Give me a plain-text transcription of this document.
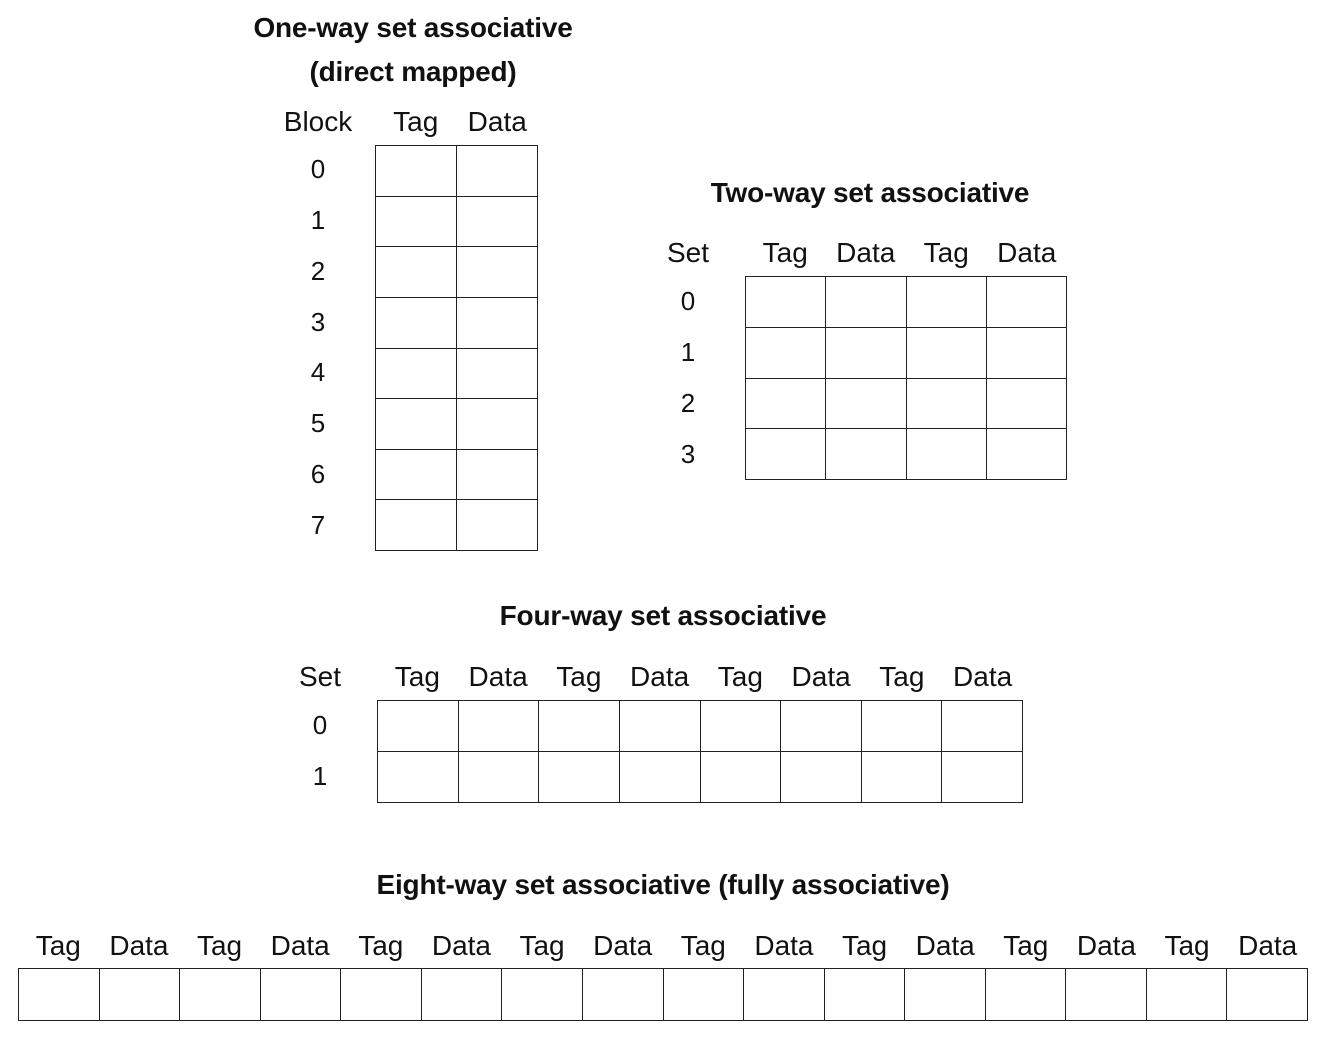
One-way set associative
(direct mapped)
Block Tag Data
0
1
2
3
4
5
6
7
Two-way set associative
Set Tag Data Tag Data
0
1
2
3
Four-way set associative
Set Tag Data Tag Data Tag Data Tag Data
0
1
Eight-way set associative (fully associative)
Tag Data Tag Data Tag Data Tag Data Tag Data Tag Data Tag Data Tag Data
